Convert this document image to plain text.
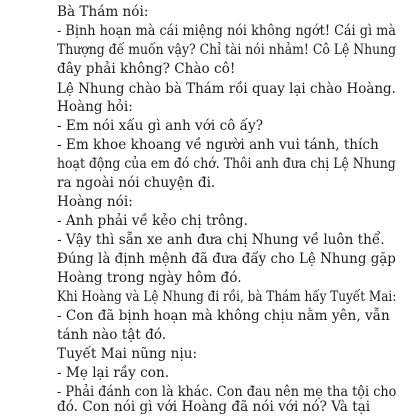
Bà Thám nói:
- Bịnh hoạn mà cái miệng nói không ngớt! Cái gì mà
Thượng đế muốn vậy? Chỉ tài nói nhảm! Cô Lệ Nhung
đây phải không? Chào cô!
Lệ Nhung chào bà Thám rồi quay lại chào Hoàng.
Hoàng hỏi:
- Em nói xấu gì anh với cô ấy?
- Em khoe khoang về người anh vui tánh, thích
hoạt động của em đó chớ. Thôi anh đưa chị Lệ Nhung
ra ngoài nói chuyện đi.
Hoàng nói:
- Anh phải về kẻo chị trông.
- Vậy thì sẵn xe anh đưa chị Nhung về luôn thể.
Đúng là định mệnh đã đưa đẩy cho Lệ Nhung gặp
Hoàng trong ngày hôm đó.
Khi Hoàng và Lệ Nhung đi rồi, bà Thám hấy Tuyết Mai:
- Con đã bịnh hoạn mà không chịu nằm yên, vẫn
tánh nào tật đó.
Tuyết Mai nũng nịu:
- Mẹ lại rầy con.
- Phải đánh con là khác. Con đau nên mẹ tha tội cho
đó. Con nói gì với Hoàng đã nói với nó? Và tại
